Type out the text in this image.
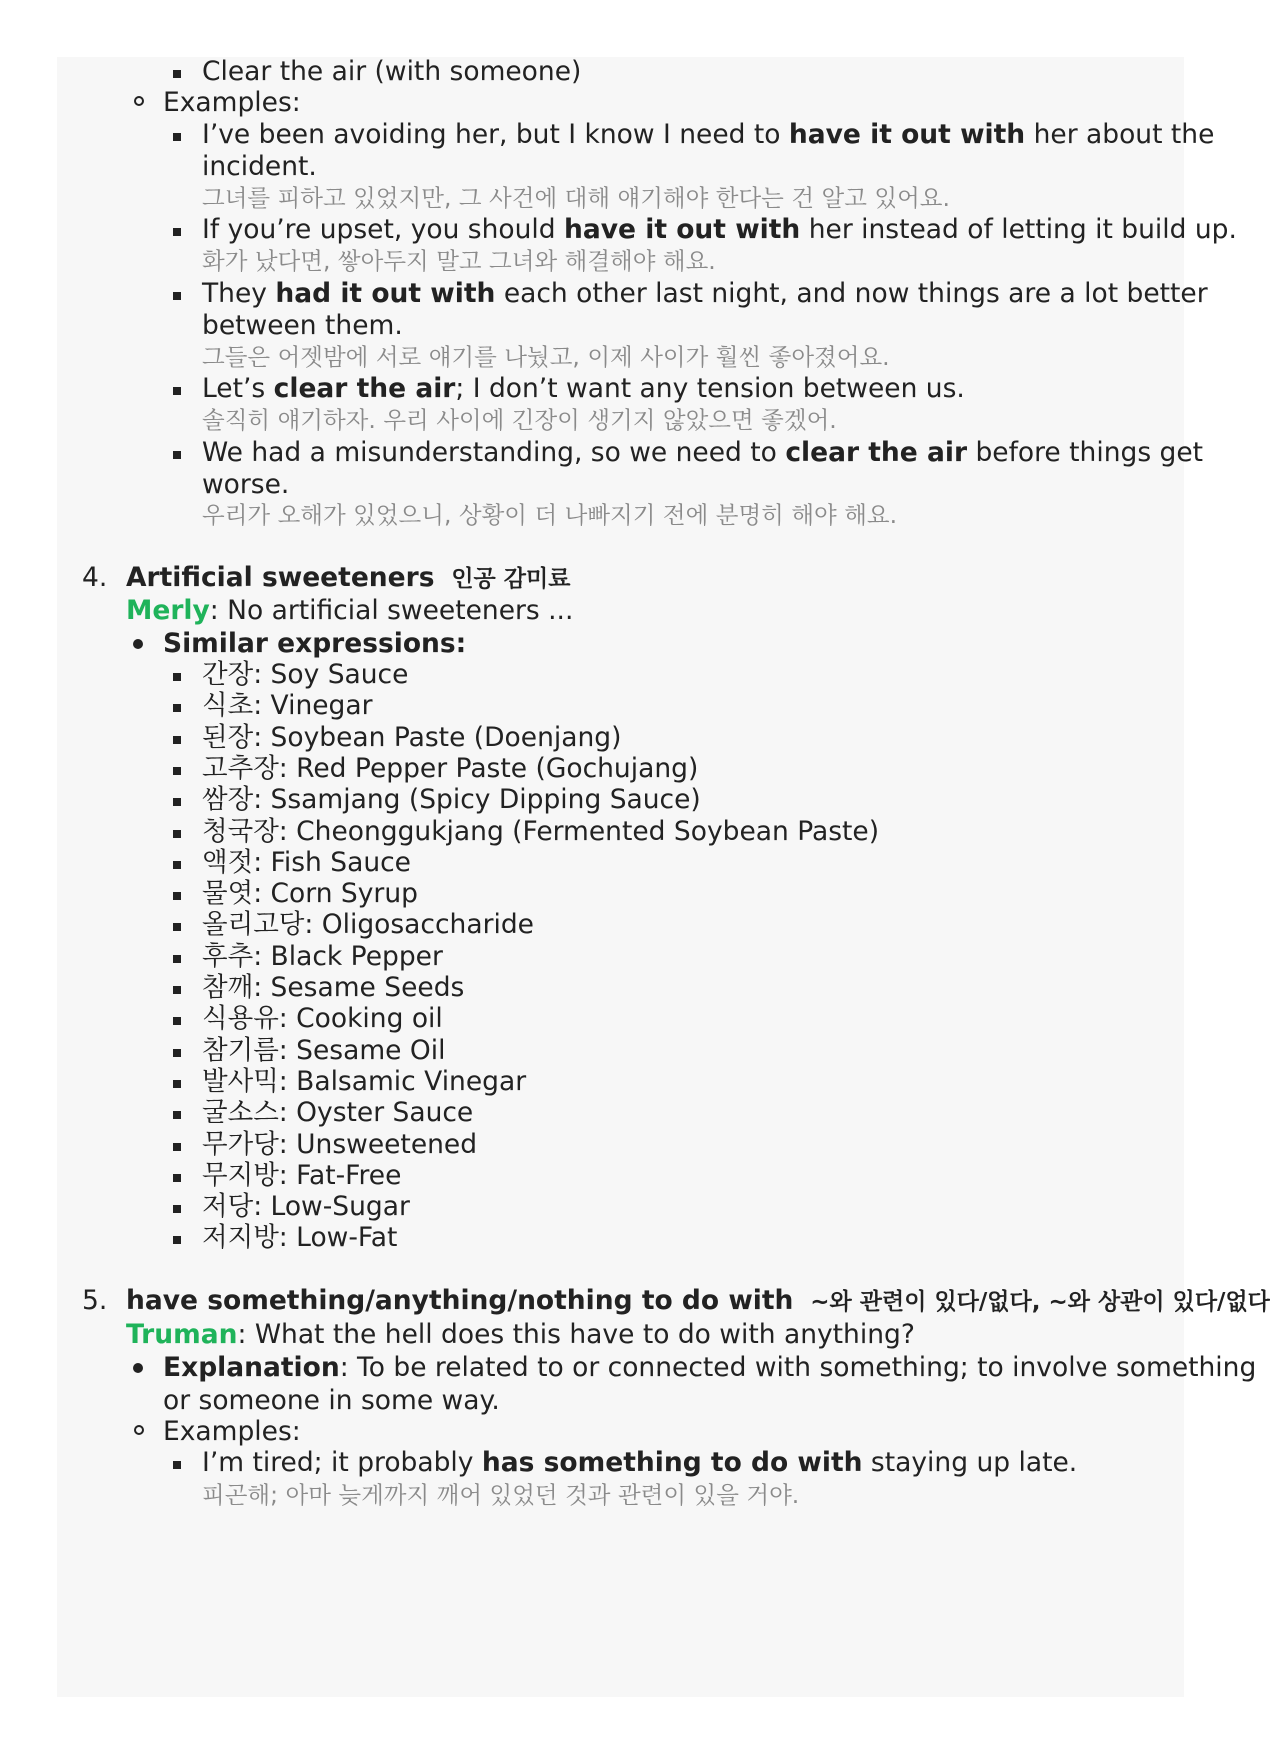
Clear the air (with someone)
Examples:
I’ve been avoiding her, but I know I need to have it out with her about the
incident.
그녀를 피하고 있었지만, 그 사건에 대해 얘기해야 한다는 건 알고 있어요.
If you’re upset, you should have it out with her instead of letting it build up.
화가 났다면, 쌓아두지 말고 그녀와 해결해야 해요.
They had it out with each other last night, and now things are a lot better
between them.
그들은 어젯밤에 서로 얘기를 나눴고, 이제 사이가 훨씬 좋아졌어요.
Let’s clear the air; I don’t want any tension between us.
솔직히 얘기하자. 우리 사이에 긴장이 생기지 않았으면 좋겠어.
We had a misunderstanding, so we need to clear the air before things get
worse.
우리가 오해가 있었으니, 상황이 더 나빠지기 전에 분명히 해야 해요.
4. Artificial sweeteners 인공 감미료
Merly: No artificial sweeteners ...
Similar expressions:
5. have something/anything/nothing to do with ~와 관련이 있다/없다, ~와 상관이 있다/없다
Truman: What the hell does this have to do with anything?
Explanation: To be related to or connected with something; to involve something
or someone in some way.
Examples:
I’m tired; it probably has something to do with staying up late.
피곤해; 아마 늦게까지 깨어 있었던 것과 관련이 있을 거야.
간장: Soy Sauce
식초: Vinegar
된장: Soybean Paste (Doenjang)
고추장: Red Pepper Paste (Gochujang)
쌈장: Ssamjang (Spicy Dipping Sauce)
청국장: Cheonggukjang (Fermented Soybean Paste)
액젓: Fish Sauce
물엿: Corn Syrup
올리고당: Oligosaccharide
후추: Black Pepper
참깨: Sesame Seeds
식용유: Cooking oil
참기름: Sesame Oil
발사믹: Balsamic Vinegar
굴소스: Oyster Sauce
무가당: Unsweetened
무지방: Fat-Free
저당: Low-Sugar
저지방: Low-Fat
